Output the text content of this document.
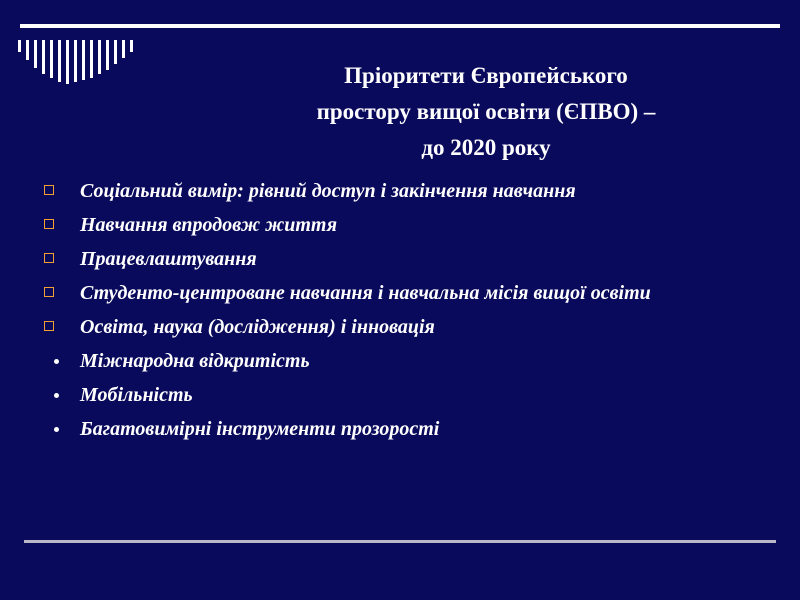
Пріоритети Європейського
простору вищої освіти (ЄПВО) –
до 2020 року
Соціальний вимір: рівний доступ і закінчення навчання
Навчання впродовж життя
Працевлаштування
Студенто-центроване навчання і навчальна місія вищої освіти
Освіта, наука (дослідження) і інновація
Міжнародна відкритість
Мобільність
Багатовимірні інструменти прозорості
